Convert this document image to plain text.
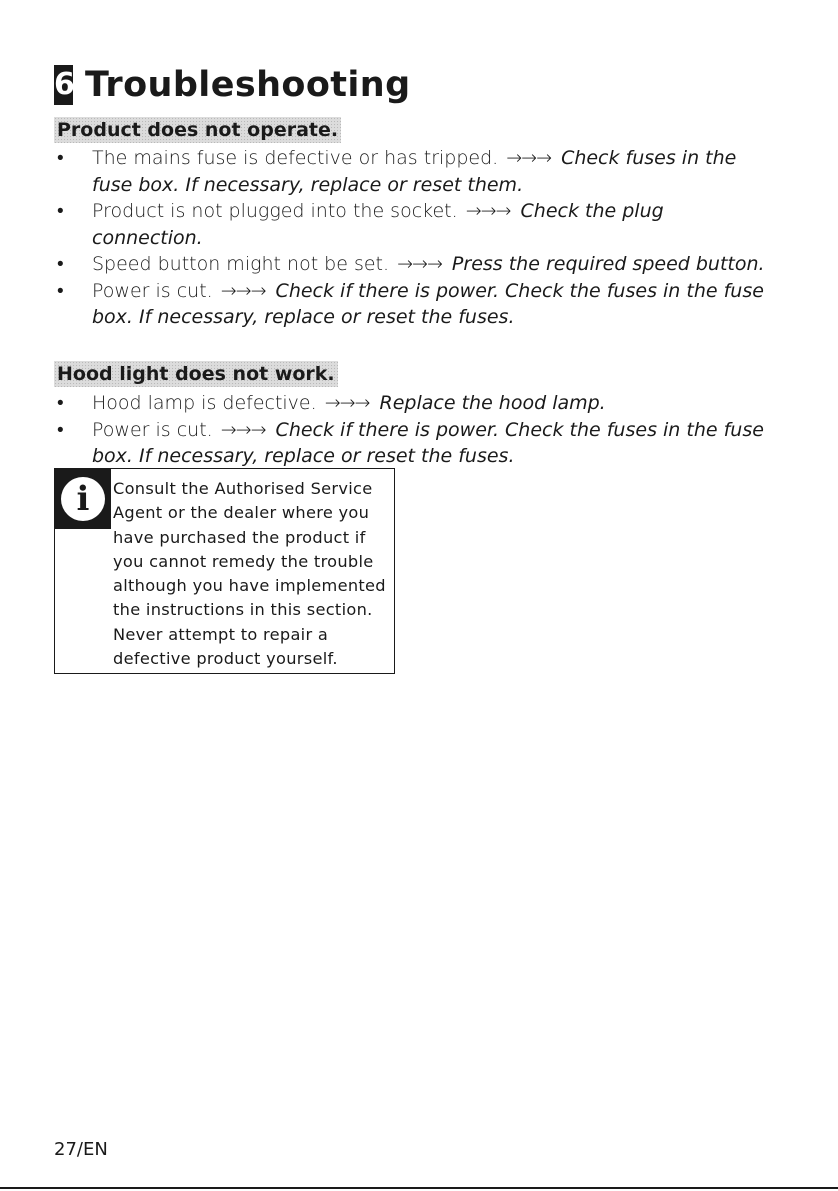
6 Troubleshooting
Product does not operate.
• The mains fuse is defective or has tripped. →→→ Check fuses in the fuse box. If necessary, replace or reset them.
• Product is not plugged into the socket. →→→ Check the plug connection.
• Speed button might not be set. →→→ Press the required speed button.
• Power is cut. →→→ Check if there is power. Check the fuses in the fuse box. If necessary, replace or reset the fuses.
Hood light does not work.
• Hood lamp is defective. →→→ Replace the hood lamp.
• Power is cut. →→→ Check if there is power. Check the fuses in the fuse box. If necessary, replace or reset the fuses.
i	Consult the Authorised Service Agent or the dealer where you have purchased the product if you cannot remedy the trouble although you have implemented the instructions in this section. Never attempt to repair a defective product yourself.
27/EN
